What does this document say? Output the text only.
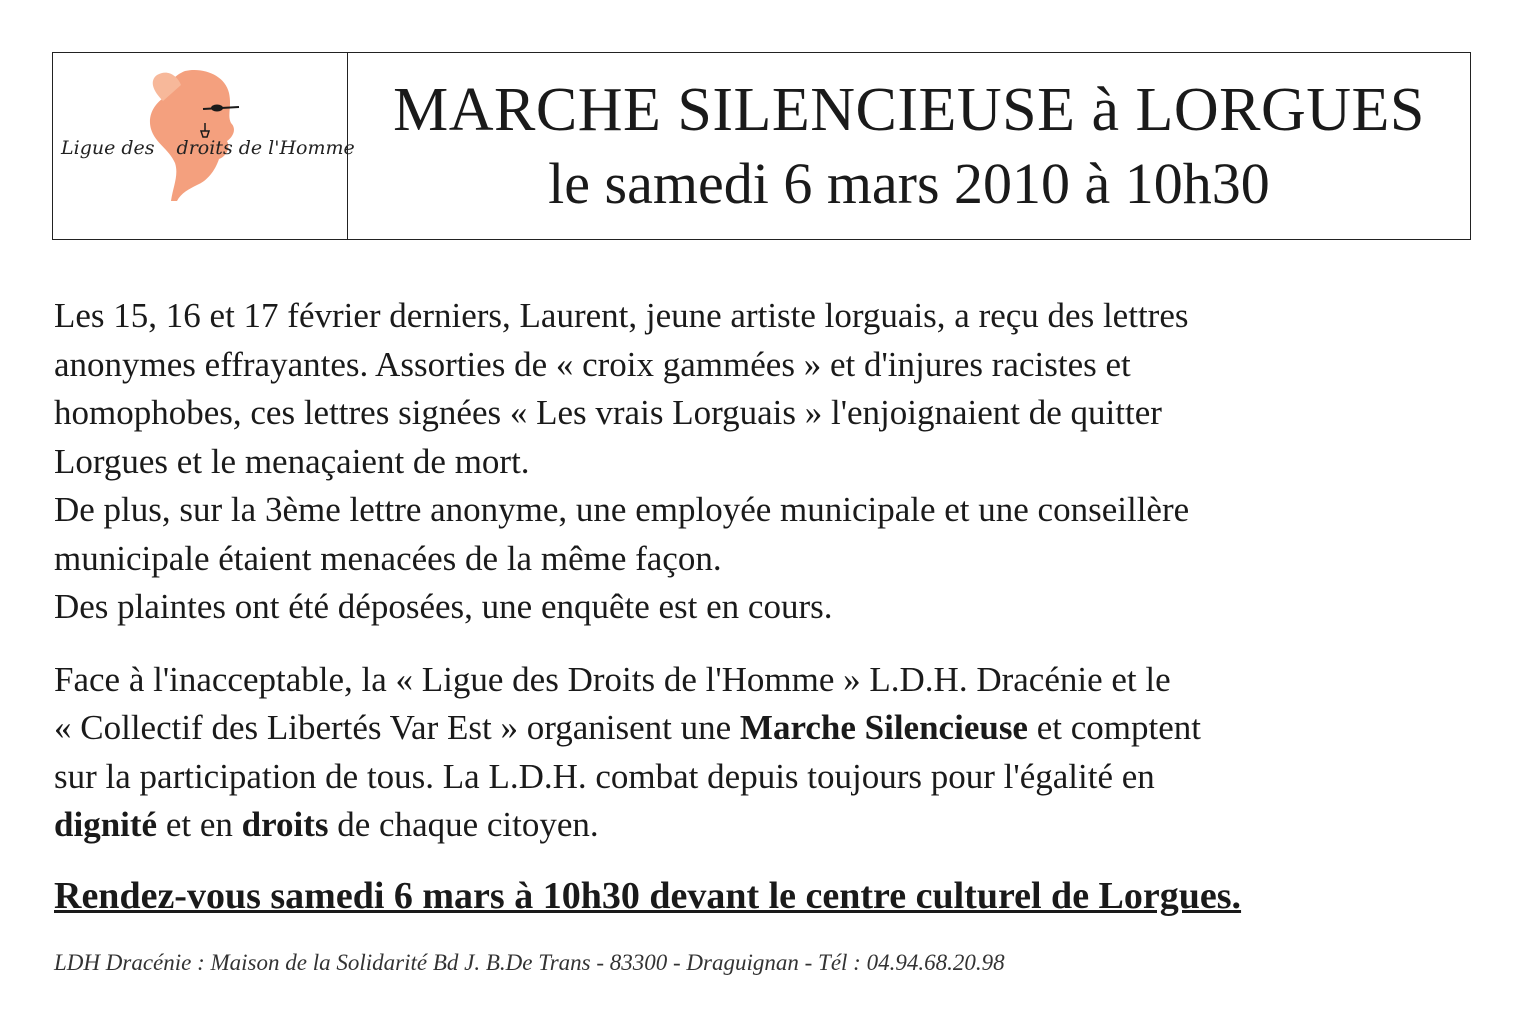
Ligue des droits de l'Homme
MARCHE SILENCIEUSE à LORGUES
le samedi 6 mars 2010 à 10h30

Les 15, 16 et 17 février derniers, Laurent, jeune artiste lorguais, a reçu des lettres
anonymes effrayantes. Assorties de « croix gammées » et d'injures racistes et
homophobes, ces lettres signées « Les vrais Lorguais » l'enjoignaient de quitter
Lorgues et le menaçaient de mort.
De plus, sur la 3ème lettre anonyme, une employée municipale et une conseillère
municipale étaient menacées de la même façon.
Des plaintes ont été déposées, une enquête est en cours.

Face à l'inacceptable, la « Ligue des Droits de l'Homme » L.D.H. Dracénie et le
« Collectif des Libertés Var Est » organisent une Marche Silencieuse et comptent
sur la participation de tous. La L.D.H. combat depuis toujours pour l'égalité en
dignité et en droits de chaque citoyen.

Rendez-vous samedi 6 mars à 10h30 devant le centre culturel de Lorgues.
LDH Dracénie : Maison de la Solidarité Bd J. B.De Trans - 83300 - Draguignan - Tél : 04.94.68.20.98
